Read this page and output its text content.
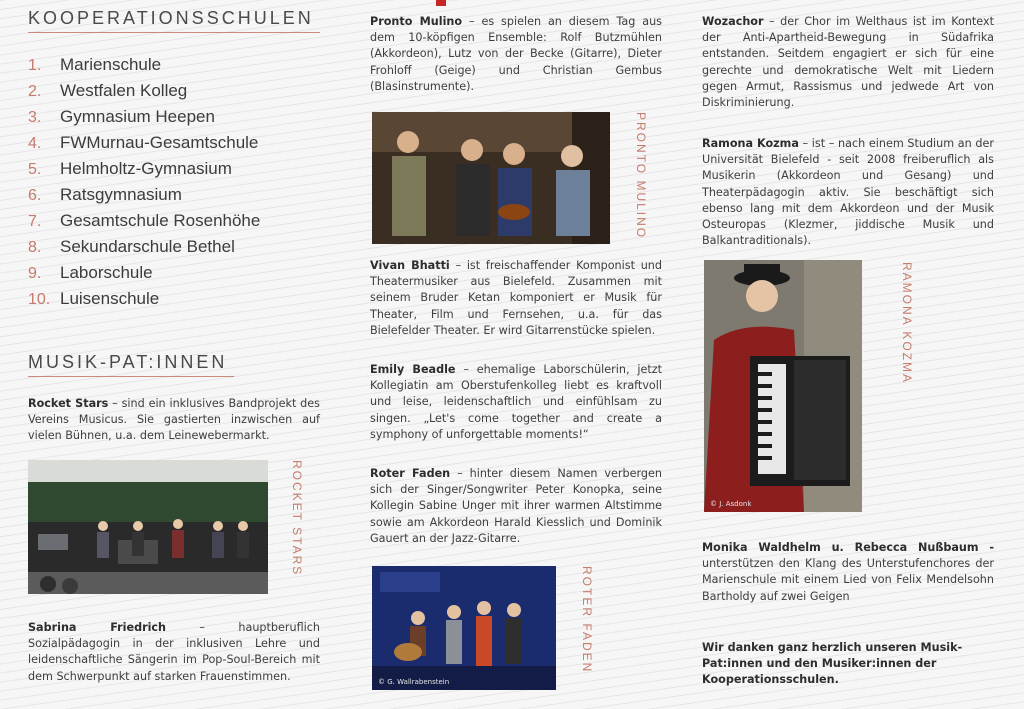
KOOPERATIONSSCHULEN
1. Marienschule
2. Westfalen Kolleg
3. Gymnasium Heepen
4. FWMurnau-Gesamtschule
5. Helmholtz-Gymnasium
6. Ratsgymnasium
7. Gesamtschule Rosenhöhe
8. Sekundarschule Bethel
9. Laborschule
10. Luisenschule
MUSIK-PAT:INNEN

Rocket Stars – sind ein inklusives Bandprojekt des Vereins Musicus. Sie gastierten inzwischen auf vielen Bühnen, u.a. dem Leinewebermarkt.

ROCKET STARS

Sabrina Friedrich – hauptberuflich Sozialpädagogin in der inklusiven Lehre und leidenschaftliche Sängerin im Pop-Soul-Bereich mit dem Schwerpunkt auf starken Frauenstimmen.

Pronto Mulino – es spielen an diesem Tag aus dem 10-köpfigen Ensemble: Rolf Butzmühlen (Akkordeon), Lutz von der Becke (Gitarre), Dieter Frohloff (Geige) und Christian Gembus (Blasinstrumente).

PRONTO MULINO

Vivan Bhatti – ist freischaffender Komponist und Theatermusiker aus Bielefeld. Zusammen mit seinem Bruder Ketan komponiert er Musik für Theater, Film und Fernsehen, u.a. für das Bielefelder Theater. Er wird Gitarrenstücke spielen.

Emily Beadle – ehemalige Laborschülerin, jetzt Kollegiatin am Oberstufenkolleg liebt es kraftvoll und leise, leidenschaftlich und einfühlsam zu singen. „Let's come together and create a symphony of unforgettable moments!“

Roter Faden – hinter diesem Namen verbergen sich der Singer/Songwriter Peter Konopka, seine Kollegin Sabine Unger mit ihrer warmen Altstimme sowie am Akkordeon Harald Kiesslich und Dominik Gauert an der Jazz-Gitarre.

© G. Wallrabenstein
ROTER FADEN

Wozachor – der Chor im Welthaus ist im Kontext der Anti-Apartheid-Bewegung in Südafrika entstanden. Seitdem engagiert er sich für eine gerechte und demokratische Welt mit Liedern gegen Armut, Rassismus und jedwede Art von Diskriminierung.

Ramona Kozma – ist – nach einem Studium an der Universität Bielefeld - seit 2008 freiberuflich als Musikerin (Akkordeon und Gesang) und Theaterpädagogin aktiv. Sie beschäftigt sich ebenso lang mit dem Akkordeon und der Musik Osteuropas (Klezmer, jiddische Musik und Balkantraditionals).

© J. Asdonk
RAMONA KOZMA

Monika Waldhelm u. Rebecca Nußbaum - unterstützen den Klang des Unterstufenchores der Marienschule mit einem Lied von Felix Mendelsohn Bartholdy auf zwei Geigen

Wir danken ganz herzlich unseren Musik-Pat:innen und den Musiker:innen der Kooperationsschulen.
